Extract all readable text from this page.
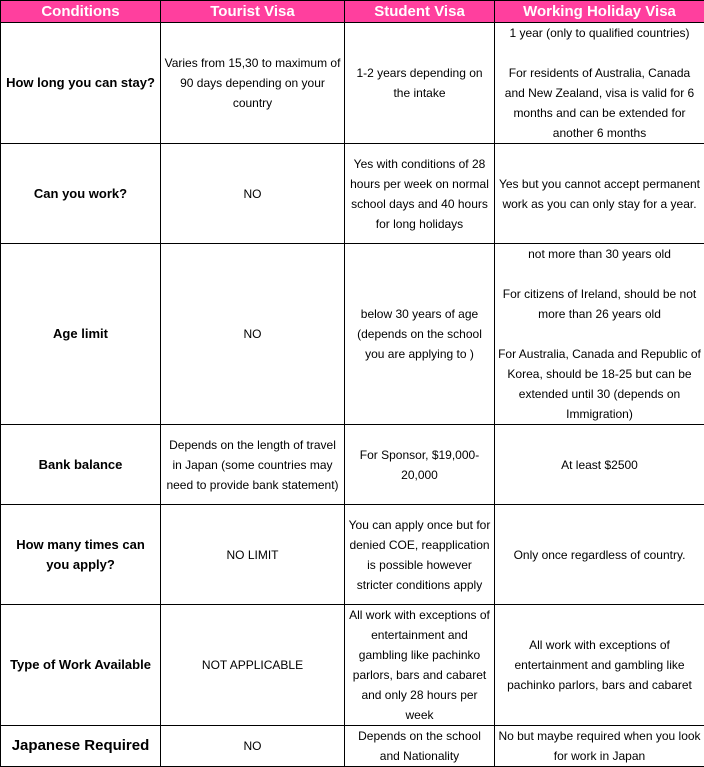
Conditions	Tourist Visa	Student Visa	Working Holiday Visa
How long you can stay?	Varies from 15,30 to maximum of 90 days depending on your country	1-2 years depending on the intake	1 year (only to qualified countries)
For residents of Australia, Canada and New Zealand, visa is valid for 6 months and can be extended for another 6 months

Can you work?	NO	Yes with conditions of 28 hours per week on normal school days and 40 hours for long holidays	Yes but you cannot accept permanent work as you can only stay for a year.
Age limit	NO	below 30 years of age (depends on the school you are applying to )	not more than 30 years old
For citizens of Ireland, should be not more than 26 years old
For Australia, Canada and Republic of Korea, should be 18-25 but can be extended until 30 (depends on Immigration)

Bank balance	Depends on the length of travel in Japan (some countries may need to provide bank statement)	For Sponsor, $19,000-20,000	At least $2500
How many times can you apply?	NO LIMIT	You can apply once but for denied COE, reapplication is possible however stricter conditions apply	Only once regardless of country.
Type of Work Available	NOT APPLICABLE	All work with exceptions of entertainment and gambling like pachinko parlors, bars and cabaret and only 28 hours per week	All work with exceptions of entertainment and gambling like pachinko parlors, bars and cabaret
Japanese Required	NO	Depends on the school and Nationality	No but maybe required when you look for work in Japan
